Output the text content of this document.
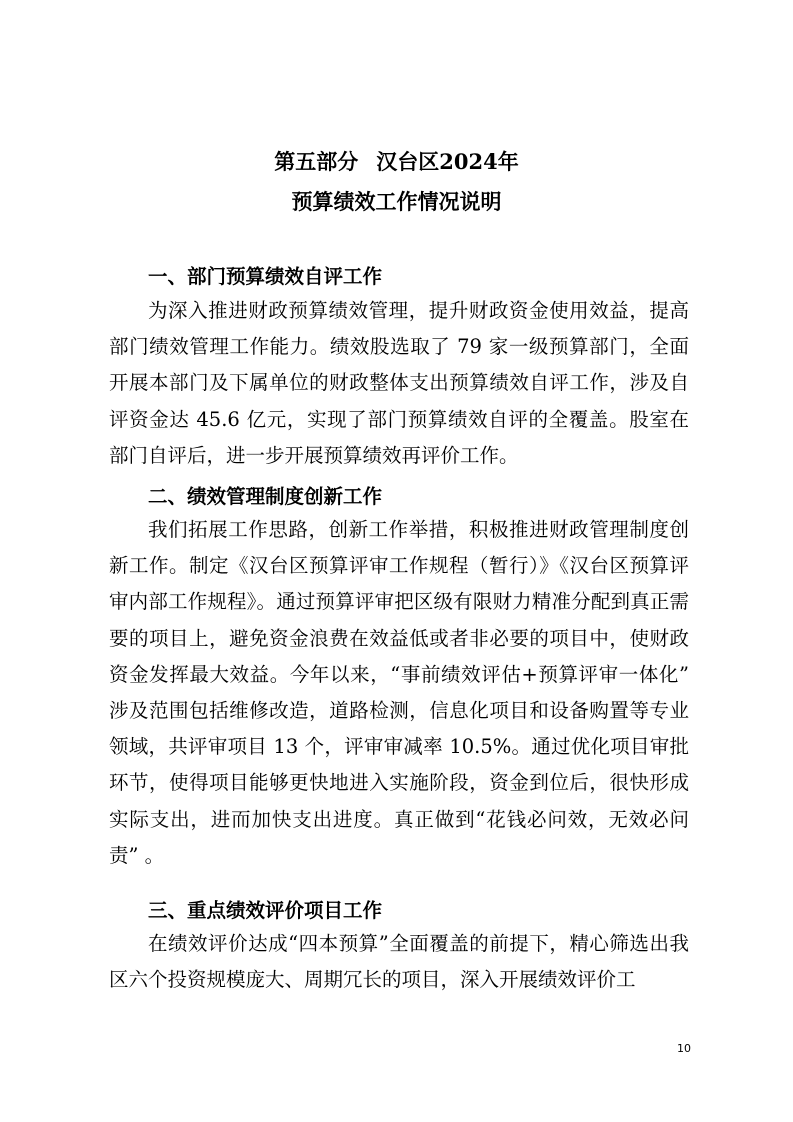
第五部分 汉台区2024年
预算绩效工作情况说明
一、部门预算绩效自评工作

为深入推进财政预算绩效管理，提升财政资金使用效益，提高部门绩效管理工作能力。绩效股选取了 79 家一级预算部门，全面开展本部门及下属单位的财政整体支出预算绩效自评工作，涉及自评资金达 45.6 亿元，实现了部门预算绩效自评的全覆盖。股室在部门自评后，进一步开展预算绩效再评价工作。

二、绩效管理制度创新工作

我们拓展工作思路，创新工作举措，积极推进财政管理制度创新工作。制定《汉台区预算评审工作规程（暂行）》《汉台区预算评审内部工作规程》。通过预算评审把区级有限财力精准分配到真正需要的项目上，避免资金浪费在效益低或者非必要的项目中，使财政资金发挥最大效益。今年以来，“事前绩效评估+预算评审一体化” 涉及范围包括维修改造，道路检测，信息化项目和设备购置等专业领域，共评审项目 13 个，评审审减率 10.5%。通过优化项目审批环节，使得项目能够更快地进入实施阶段，资金到位后，很快形成实际支出，进而加快支出进度。真正做到“花钱必问效，无效必问责” 。

三、重点绩效评价项目工作

在绩效评价达成“四本预算”全面覆盖的前提下，精心筛选出我区六个投资规模庞大、周期冗长的项目，深入开展绩效评价工

10
